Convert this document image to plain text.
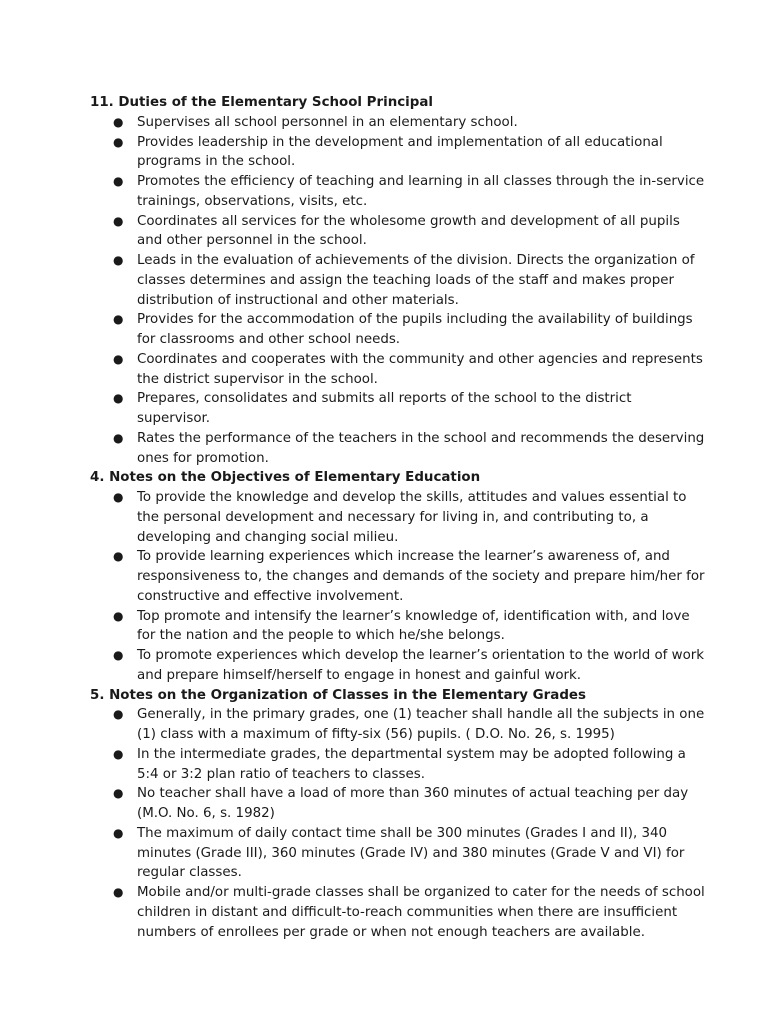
11. Duties of the Elementary School Principal

● Supervises all school personnel in an elementary school.
● Provides leadership in the development and implementation of all educational programs in the school.
● Promotes the efficiency of teaching and learning in all classes through the in-service trainings, observations, visits, etc.
● Coordinates all services for the wholesome growth and development of all pupils and other personnel in the school.
● Leads in the evaluation of achievements of the division. Directs the organization of classes determines and assign the teaching loads of the staff and makes proper distribution of instructional and other materials.
● Provides for the accommodation of the pupils including the availability of buildings for classrooms and other school needs.
● Coordinates and cooperates with the community and other agencies and represents the district supervisor in the school.
● Prepares, consolidates and submits all reports of the school to the district supervisor.
● Rates the performance of the teachers in the school and recommends the deserving ones for promotion.

4. Notes on the Objectives of Elementary Education

● To provide the knowledge and develop the skills, attitudes and values essential to the personal development and necessary for living in, and contributing to, a developing and changing social milieu.
● To provide learning experiences which increase the learner’s awareness of, and responsiveness to, the changes and demands of the society and prepare him/her for constructive and effective involvement.
● Top promote and intensify the learner’s knowledge of, identification with, and love for the nation and the people to which he/she belongs.
● To promote experiences which develop the learner’s orientation to the world of work and prepare himself/herself to engage in honest and gainful work.

5. Notes on the Organization of Classes in the Elementary Grades

● Generally, in the primary grades, one (1) teacher shall handle all the subjects in one (1) class with a maximum of fifty-six (56) pupils. ( D.O. No. 26, s. 1995)
● In the intermediate grades, the departmental system may be adopted following a 5:4 or 3:2 plan ratio of teachers to classes.
● No teacher shall have a load of more than 360 minutes of actual teaching per day (M.O. No. 6, s. 1982)
● The maximum of daily contact time shall be 300 minutes (Grades I and II), 340 minutes (Grade III), 360 minutes (Grade IV) and 380 minutes (Grade V and VI) for regular classes.
● Mobile and/or multi-grade classes shall be organized to cater for the needs of school children in distant and difficult-to-reach communities when there are insufficient numbers of enrollees per grade or when not enough teachers are available.
